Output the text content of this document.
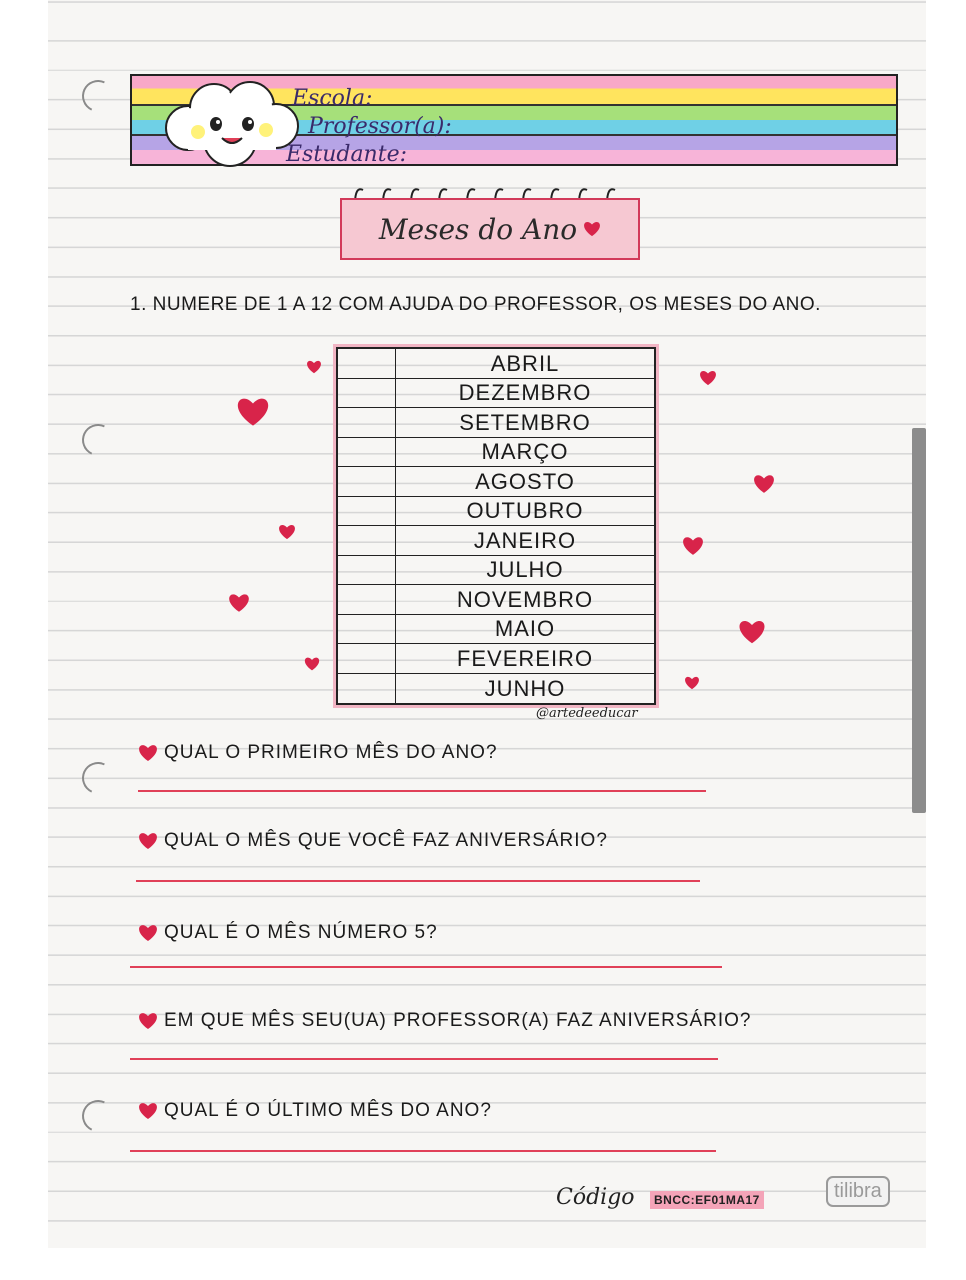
Escola:
Professor(a):
Estudante:
Meses do Ano
1. NUMERE DE 1 A 12 COM AJUDA DO PROFESSOR, OS MESES DO ANO.
ABRIL
DEZEMBRO
SETEMBRO
MARÇO
AGOSTO
OUTUBRO
JANEIRO
JULHO
NOVEMBRO
MAIO
FEVEREIRO
JUNHO
@artedeeducar
QUAL O PRIMEIRO MÊS DO ANO?
QUAL O MÊS QUE VOCÊ FAZ ANIVERSÁRIO?
QUAL É O MÊS NÚMERO 5?
EM QUE MÊS SEU(UA) PROFESSOR(A) FAZ ANIVERSÁRIO?
QUAL É O ÚLTIMO MÊS DO ANO?
Código	BNCC:EF01MA17	tilibra
